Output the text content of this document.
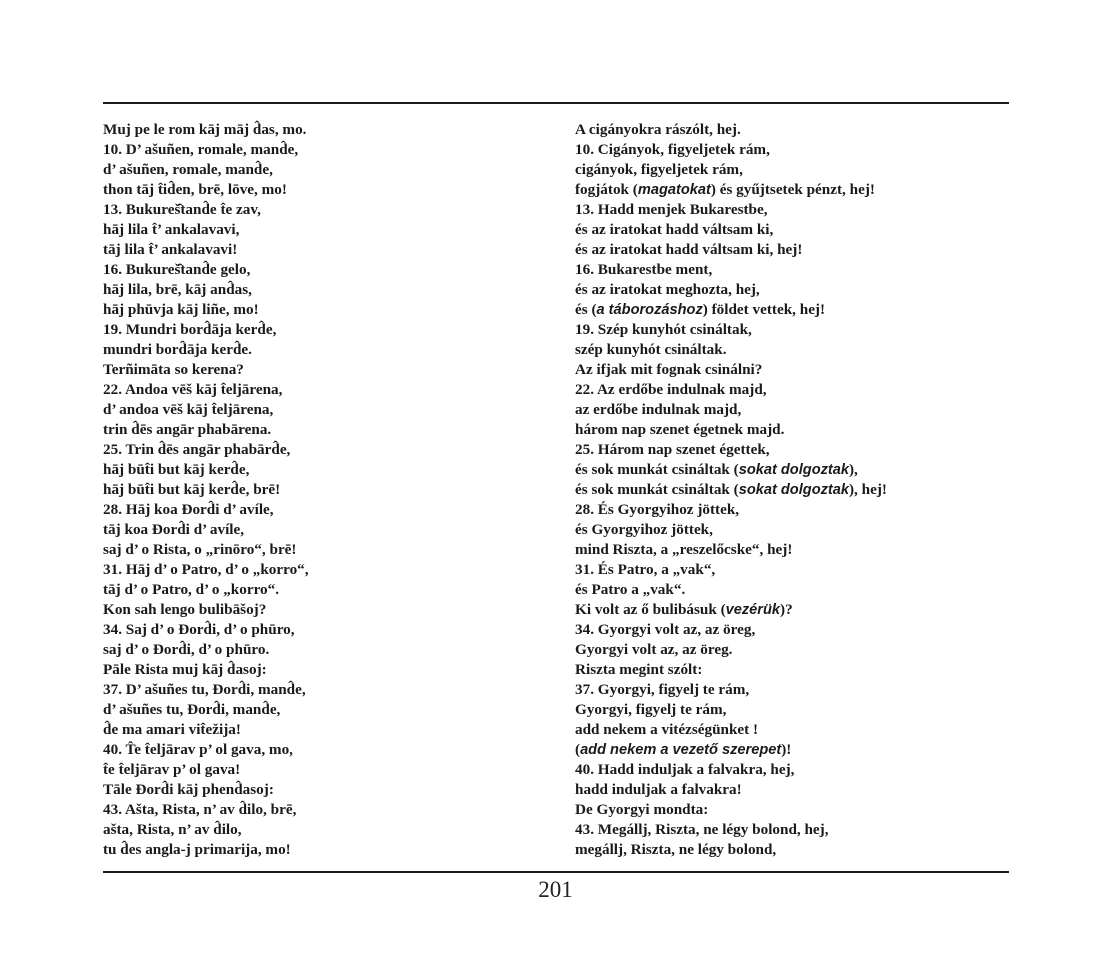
Muj pe le rom kāj māj d̂as, mo.
10. D’ ašuñen, romale, mand̂e,
d’ ašuñen, romale, mand̂e,
thon tāj t̂id̂en, brē, lōve, mo!
13. Bukureš̂tand̂e t̂e zav,
hāj lila t̂’ ankalavavi,
tāj lila t̂’ ankalavavi!
16. Bukureš̂tand̂e gelo,
hāj lila, brē, kāj and̂as,
hāj phūvja kāj liñe, mo!
19. Mundri bord̂āja kerd̂e,
mundri bord̂āja kerd̂e.
Terñimāta so kerena?
22. Andoa vēš kāj t̂eljārena,
d’ andoa vēš kāj t̂eljārena,
trin d̂ēs angār phabārena.
25. Trin d̂ēs angār phabārd̂e,
hāj būt̂i but kāj kerd̂e,
hāj būt̂i but kāj kerd̂e, brē!
28. Hāj koa Ðord̂i d’ avíle,
tāj koa Ðord̂i d’ avíle,
saj d’ o Rista, o „rinōro“, brē!
31. Hāj d’ o Patro, d’ o „korro“,
tāj d’ o Patro, d’ o „korro“.
Kon sah lengo bulibāšoj?
34. Saj d’ o Ðord̂i, d’ o phūro,
saj d’ o Ðord̂i, d’ o phūro.
Pāle Rista muj kāj d̂asoj:
37. D’ ašuñes tu, Ðord̂i, mand̂e,
d’ ašuñes tu, Ðord̂i, mand̂e,
d̂e ma amari vit̂ežija!
40. T̂e t̂eljārav p’ ol gava, mo,
t̂e t̂eljārav p’ ol gava!
Tāle Ðord̂i kāj phend̂asoj:
43. Ašta, Rista, n’ av d̂ilo, brē,
ašta, Rista, n’ av d̂ilo,
tu d̂es angla-j primarija, mo!
A cigányokra rászólt, hej.
10. Cigányok, figyeljetek rám,
cigányok, figyeljetek rám,
fogjátok (magatokat) és gyűjtsetek pénzt, hej!
13. Hadd menjek Bukarestbe,
és az iratokat hadd váltsam ki,
és az iratokat hadd váltsam ki, hej!
16. Bukarestbe ment,
és az iratokat meghozta, hej,
és (a táborozáshoz) földet vettek, hej!
19. Szép kunyhót csináltak,
szép kunyhót csináltak.
Az ifjak mit fognak csinálni?
22. Az erdőbe indulnak majd,
az erdőbe indulnak majd,
három nap szenet égetnek majd.
25. Három nap szenet égettek,
és sok munkát csináltak (sokat dolgoztak),
és sok munkát csináltak (sokat dolgoztak), hej!
28. És Gyorgyihoz jöttek,
és Gyorgyihoz jöttek,
mind Riszta, a „reszelőcske“, hej!
31. És Patro, a „vak“,
és Patro a „vak“.
Ki volt az ő bulibásuk (vezérük)?
34. Gyorgyi volt az, az öreg,
Gyorgyi volt az, az öreg.
Riszta megint szólt:
37. Gyorgyi, figyelj te rám,
Gyorgyi, figyelj te rám,
add nekem a vitézségünket !
(add nekem a vezető szerepet)!
40. Hadd induljak a falvakra, hej,
hadd induljak a falvakra!
De Gyorgyi mondta:
43. Megállj, Riszta, ne légy bolond, hej,
megállj, Riszta, ne légy bolond,
201
